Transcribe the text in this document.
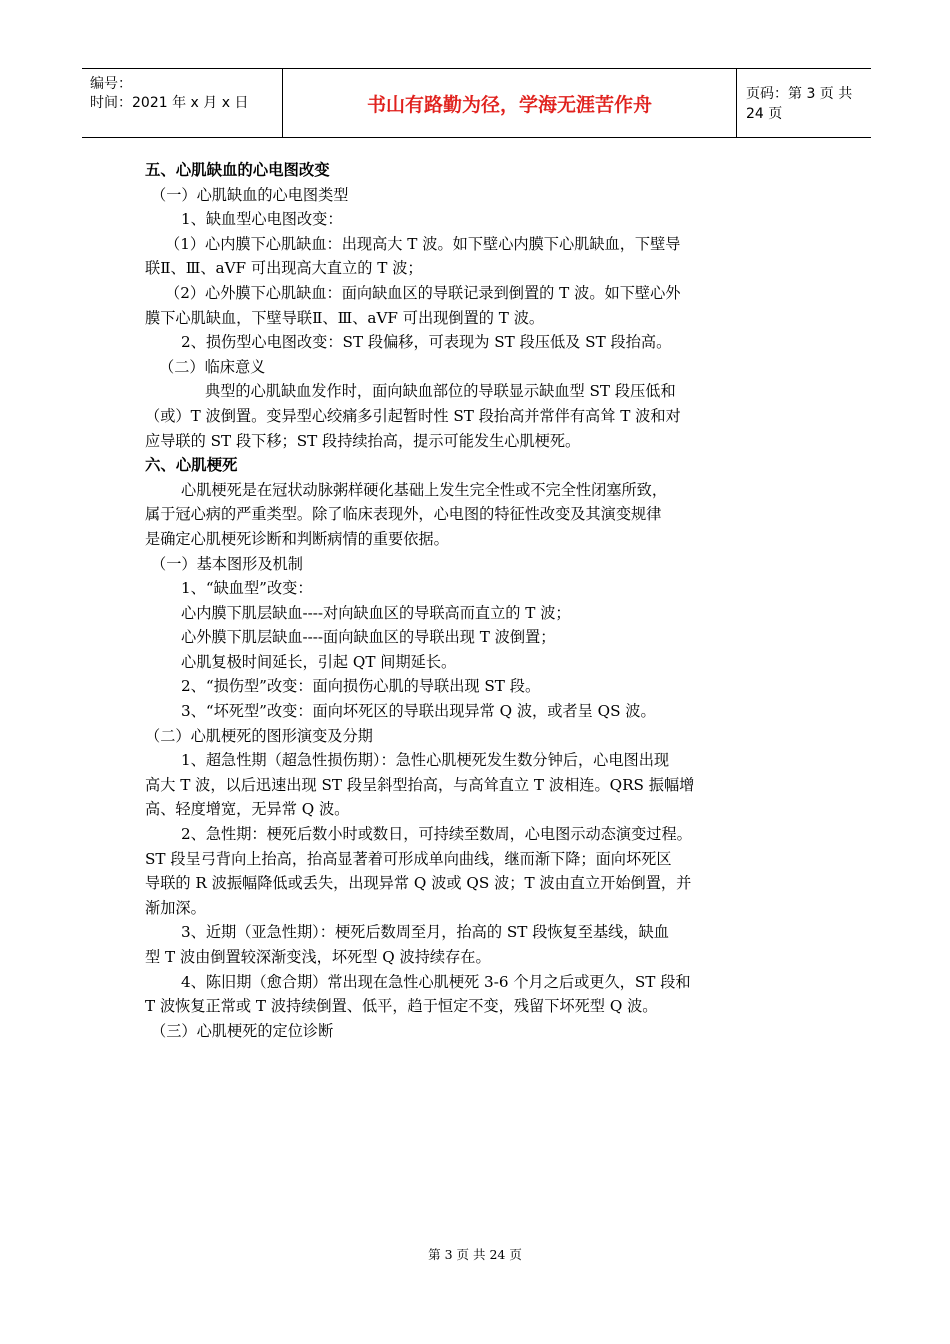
编号：
时间：2021 年 x 月 x 日	书山有路勤为径，学海无涯苦作舟	页码：第 3 页 共 24 页
五、心肌缺血的心电图改变
（一）心肌缺血的心电图类型
1、缺血型心电图改变：
（1）心内膜下心肌缺血：出现高大 T 波。如下壁心内膜下心肌缺血，下壁导
联Ⅱ、Ⅲ、aVF 可出现高大直立的 T 波；
（2）心外膜下心肌缺血：面向缺血区的导联记录到倒置的 T 波。如下壁心外
膜下心肌缺血，下壁导联Ⅱ、Ⅲ、aVF 可出现倒置的 T 波。
2、损伤型心电图改变：ST 段偏移，可表现为 ST 段压低及 ST 段抬高。
（二）临床意义
典型的心肌缺血发作时，面向缺血部位的导联显示缺血型 ST 段压低和
（或）T 波倒置。变异型心绞痛多引起暂时性 ST 段抬高并常伴有高耸 T 波和对
应导联的 ST 段下移；ST 段持续抬高，提示可能发生心肌梗死。
六、心肌梗死
心肌梗死是在冠状动脉粥样硬化基础上发生完全性或不完全性闭塞所致，
属于冠心病的严重类型。除了临床表现外，心电图的特征性改变及其演变规律
是确定心肌梗死诊断和判断病情的重要依据。
（一）基本图形及机制
1、“缺血型”改变：
心内膜下肌层缺血----对向缺血区的导联高而直立的 T 波；
心外膜下肌层缺血----面向缺血区的导联出现 T 波倒置；
心肌复极时间延长，引起 QT 间期延长。
2、“损伤型”改变：面向损伤心肌的导联出现 ST 段。
3、“坏死型”改变：面向坏死区的导联出现异常 Q 波，或者呈 QS 波。
（二）心肌梗死的图形演变及分期
1、超急性期（超急性损伤期）：急性心肌梗死发生数分钟后，心电图出现
高大 T 波，以后迅速出现 ST 段呈斜型抬高，与高耸直立 T 波相连。QRS 振幅增
高、轻度增宽，无异常 Q 波。
2、急性期：梗死后数小时或数日，可持续至数周，心电图示动态演变过程。
ST 段呈弓背向上抬高，抬高显著着可形成单向曲线，继而渐下降；面向坏死区
导联的 R 波振幅降低或丢失，出现异常 Q 波或 QS 波；T 波由直立开始倒置，并
渐加深。
3、近期（亚急性期）：梗死后数周至月，抬高的 ST 段恢复至基线，缺血
型 T 波由倒置较深渐变浅，坏死型 Q 波持续存在。
4、陈旧期（愈合期）常出现在急性心肌梗死 3-6 个月之后或更久，ST 段和
T 波恢复正常或 T 波持续倒置、低平，趋于恒定不变，残留下坏死型 Q 波。
（三）心肌梗死的定位诊断
第 3 页 共 24 页
